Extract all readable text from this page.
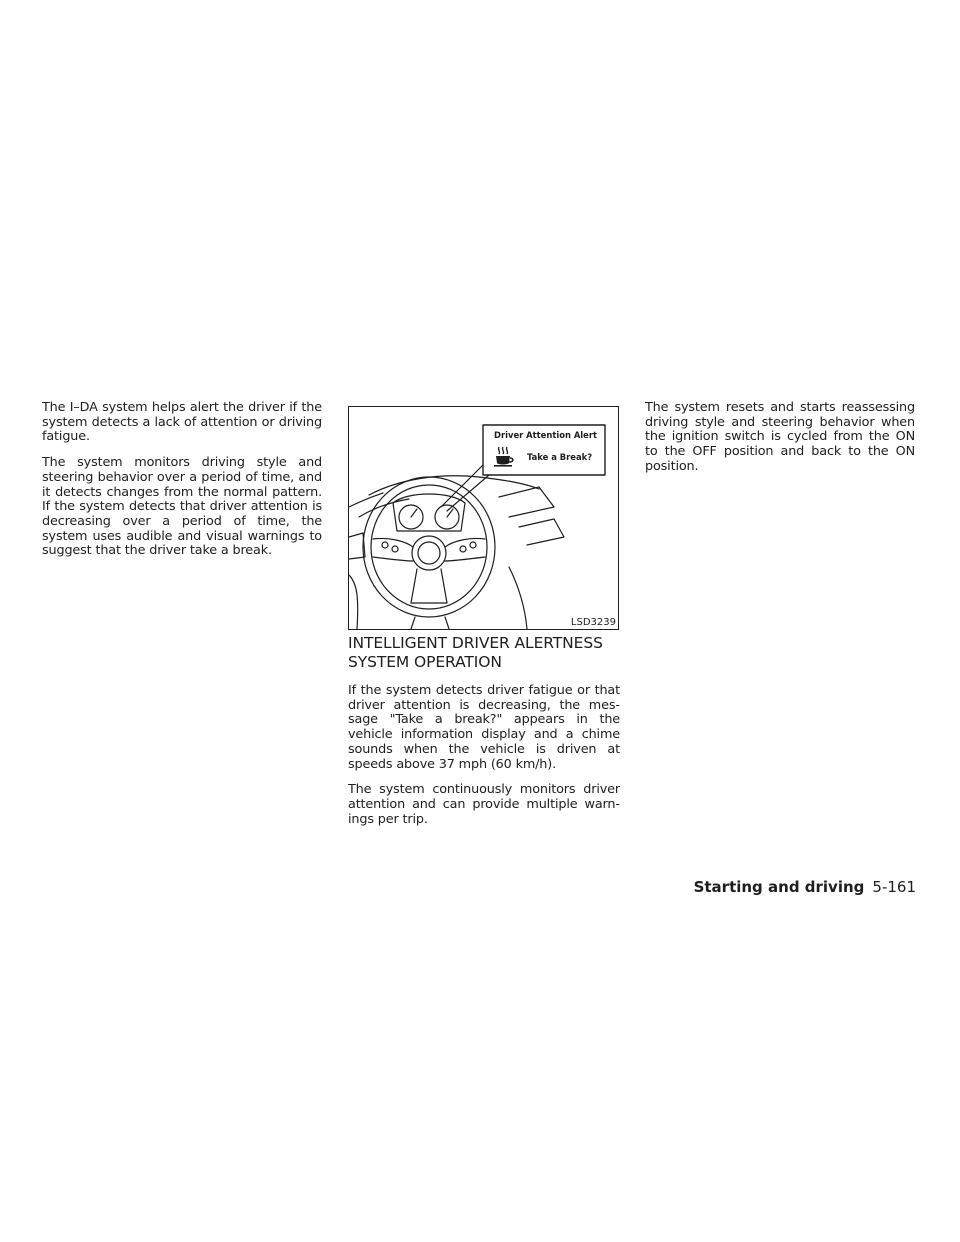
The I–DA system helps alert the driver if the system detects a lack of attention or driving fatigue.

The system monitors driving style and steering behavior over a period of time, and it detects changes from the normal pattern. If the system detects that driver attention is decreasing over a period of time, the system uses audible and visual warnings to suggest that the driver take a break.

Driver Attention Alert
Take a Break?
LSD3239
INTELLIGENT DRIVER ALERTNESS SYSTEM OPERATION

If the system detects driver fatigue or that driver attention is decreasing, the message "Take a break?" appears in the vehicle information display and a chime sounds when the vehicle is driven at speeds above 37 mph (60 km/h).

The system continuously monitors driver attention and can provide multiple warnings per trip.

The system resets and starts reassessing driving style and steering behavior when the ignition switch is cycled from the ON to the OFF position and back to the ON position.

Starting and driving 5-161
